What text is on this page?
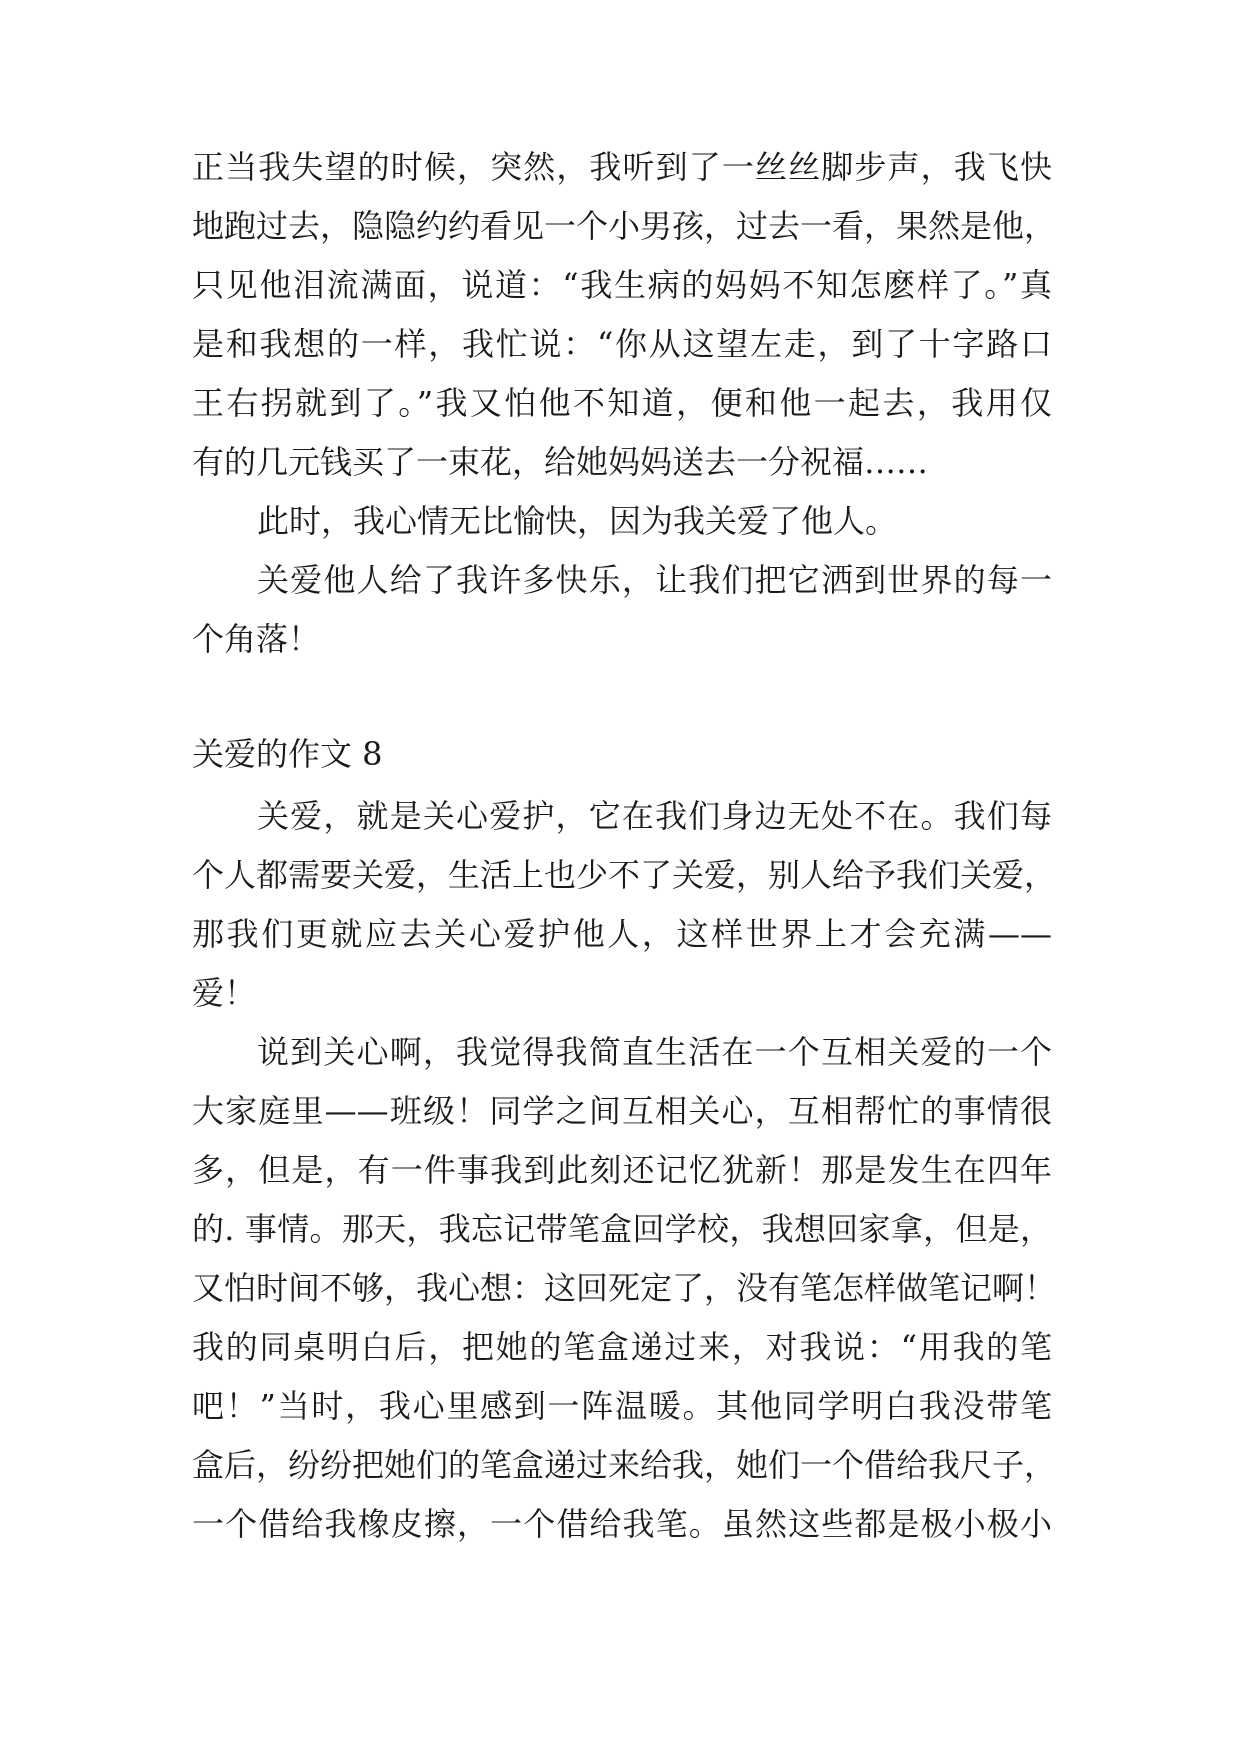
正当我失望的时候，突然，我听到了一丝丝脚步声，我飞快
地跑过去，隐隐约约看见一个小男孩，过去一看，果然是他，
只见他泪流满面，说道：“我生病的妈妈不知怎麽样了。”真
是和我想的一样，我忙说：“你从这望左走，到了十字路口
王右拐就到了。”我又怕他不知道，便和他一起去，我用仅
有的几元钱买了一束花，给她妈妈送去一分祝福……
此时，我心情无比愉快，因为我关爱了他人。
关爱他人给了我许多快乐，让我们把它洒到世界的每一
个角落！
关爱的作文 8
关爱，就是关心爱护，它在我们身边无处不在。我们每
个人都需要关爱，生活上也少不了关爱，别人给予我们关爱，
那我们更就应去关心爱护他人，这样世界上才会充满——
爱！
说到关心啊，我觉得我简直生活在一个互相关爱的一个
大家庭里——班级！同学之间互相关心，互相帮忙的事情很
多，但是，有一件事我到此刻还记忆犹新！那是发生在四年
的. 事情。那天，我忘记带笔盒回学校，我想回家拿，但是，
又怕时间不够，我心想：这回死定了，没有笔怎样做笔记啊！
我的同桌明白后，把她的笔盒递过来，对我说：“用我的笔
吧！”当时，我心里感到一阵温暖。其他同学明白我没带笔
盒后，纷纷把她们的笔盒递过来给我，她们一个借给我尺子，
一个借给我橡皮擦，一个借给我笔。虽然这些都是极小极小
